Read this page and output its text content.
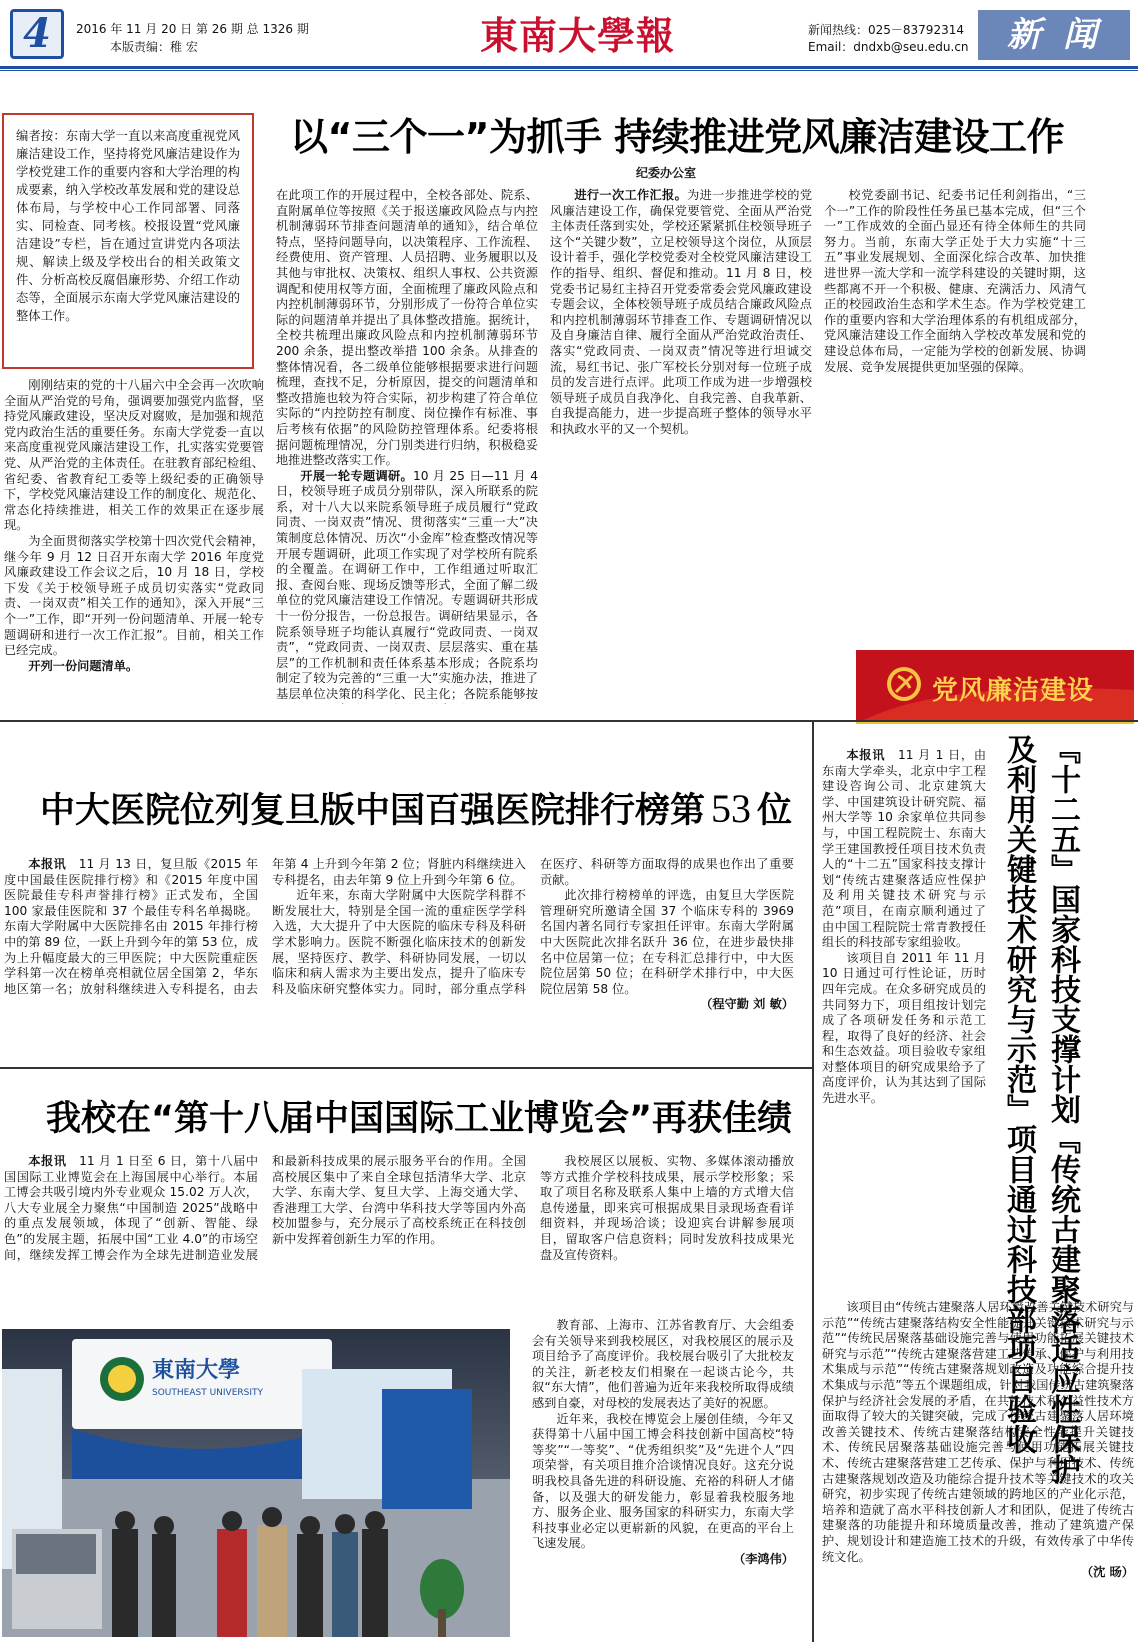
4	2016 年 11 月 20 日 第 26 期 总 1326 期
本版责编：稚 宏	東南大學報	新闻热线：025－83792314
Email：dndxb@seu.edu.cn	新闻
编者按：东南大学一直以来高度重视党风廉洁建设工作，坚持将党风廉洁建设作为学校党建工作的重要内容和大学治理的构成要素，纳入学校改革发展和党的建设总体布局，与学校中心工作同部署、同落实、同检查、同考核。校报设置“党风廉洁建设”专栏，旨在通过宣讲党内各项法规、解读上级及学校出台的相关政策文件、分析高校反腐倡廉形势、介绍工作动态等，全面展示东南大学党风廉洁建设的整体工作。
以“三个一”为抓手 持续推进党风廉洁建设工作
纪委办公室

刚刚结束的党的十八届六中全会再一次吹响全面从严治党的号角，强调要加强党内监督，坚持党风廉政建设，坚决反对腐败，是加强和规范党内政治生活的重要任务。东南大学党委一直以来高度重视党风廉洁建设工作，扎实落实党要管党、从严治党的主体责任。在驻教育部纪检组、省纪委、省教育纪工委等上级纪委的正确领导下，学校党风廉洁建设工作的制度化、规范化、常态化持续推进，相关工作的效果正在逐步展现。

为全面贯彻落实学校第十四次党代会精神，继今年 9 月 12 日召开东南大学 2016 年度党风廉政建设工作会议之后，10 月 18 日，学校下发《关于校领导班子成员切实落实“党政同责、一岗双责”相关工作的通知》，深入开展“三个一”工作，即“开列一份问题清单、开展一轮专题调研和进行一次工作汇报”。目前，相关工作已经完成。

开列一份问题清单。

在此项工作的开展过程中，全校各部处、院系、直附属单位等按照《关于报送廉政风险点与内控机制薄弱环节排查问题清单的通知》，结合单位特点，坚持问题导向，以决策程序、工作流程、经费使用、资产管理、人员招聘、业务履职以及其他与审批权、决策权、组织人事权、公共资源调配和使用权等方面，全面梳理了廉政风险点和内控机制薄弱环节，分别形成了一份符合单位实际的问题清单并提出了具体整改措施。据统计，全校共梳理出廉政风险点和内控机制薄弱环节 200 余条，提出整改举措 100 余条。从排查的整体情况看，各二级单位能够根据要求进行问题梳理，查找不足，分析原因，提交的问题清单和整改措施也较为符合实际，初步构建了符合单位实际的“内控防控有制度、岗位操作有标准、事后考核有依据”的风险防控管理体系。纪委将根据问题梳理情况，分门别类进行归纳，积极稳妥地推进整改落实工作。

开展一轮专题调研。10 月 25 日—11 月 4 日，校领导班子成员分别带队，深入所联系的院系，对十八大以来院系领导班子成员履行“党政同责、一岗双责”情况、贯彻落实“三重一大”决策制度总体情况、历次“小金库”检查整改情况等开展专题调研，此项工作实现了对学校所有院系的全覆盖。在调研工作中，工作组通过听取汇报、查阅台账、现场反馈等形式，全面了解二级单位的党风廉洁建设工作情况。专题调研共形成十一份分报告，一份总报告。调研结果显示，各院系领导班子均能认真履行“党政同责、一岗双责”，“党政同责、一岗双责、层层落实、重在基层”的工作机制和责任体系基本形成；各院系均制定了较为完善的“三重一大”实施办法，推进了基层单位决策的科学化、民主化；各院系能够按

进行一次工作汇报。为进一步推进学校的党风廉洁建设工作，确保党要管党、全面从严治党主体责任落到实处，学校还紧紧抓住校领导班子这个“关键少数”，立足校领导这个岗位，从顶层设计着手，强化学校党委对全校党风廉洁建设工作的指导、组织、督促和推动。11 月 8 日，校党委书记易红主持召开党委常委会党风廉政建设专题会议，全体校领导班子成员结合廉政风险点和内控机制薄弱环节排查工作、专题调研情况以及自身廉洁自律、履行全面从严治党政治责任、落实“党政同责、一岗双责”情况等进行坦诚交流，易红书记、张广军校长分别对每一位班子成员的发言进行点评。此项工作成为进一步增强校领导班子成员自我净化、自我完善、自我革新、自我提高能力，进一步提高班子整体的领导水平和执政水平的又一个契机。

校党委副书记、纪委书记任利剑指出，“三个一”工作的阶段性任务虽已基本完成，但“三个一”工作成效的全面凸显还有待全体师生的共同努力。当前，东南大学正处于大力实施“十三五”事业发展规划、全面深化综合改革、加快推进世界一流大学和一流学科建设的关键时期，这些都离不开一个积极、健康、充满活力、风清气正的校园政治生态和学术生态。作为学校党建工作的重要内容和大学治理体系的有机组成部分，党风廉洁建设工作全面纳入学校改革发展和党的建设总体布局，一定能为学校的创新发展、协调发展、竞争发展提供更加坚强的保障。

党风廉洁建设
中大医院位列复旦版中国百强医院排行榜第 53 位

本报讯　 11 月 13 日，复旦版《2015 年度中国最佳医院排行榜》和《2015 年度中国医院最佳专科声誉排行榜》正式发布，全国 100 家最佳医院和 37 个最佳专科名单揭晓。东南大学附属中大医院排名由 2015 年排行榜中的第 89 位，一跃上升到今年的第 53 位，成为上升幅度最大的三甲医院；中大医院重症医学科第一次在榜单亮相就位居全国第 2，华东地区第一名；放射科继续进入专科提名，由去年第 4 上升到今年第 2 位；肾脏内科继续进入专科提名，由去年第 9 位上升到今年第 6 位。

近年来，东南大学附属中大医院学科群不断发展壮大，特别是全国一流的重症医学学科入选，大大提升了中大医院的临床专科及科研学术影响力。医院不断强化临床技术的创新发展，坚持医疗、教学、科研协同发展，一切以临床和病人需求为主要出发点，提升了临床专科及临床研究整体实力。同时，部分重点学科在医疗、科研等方面取得的成果也作出了重要贡献。

此次排行榜榜单的评选，由复旦大学医院管理研究所邀请全国 37 个临床专科的 3969 名国内著名同行专家担任评审。东南大学附属中大医院此次排名跃升 36 位，在进步最快排名中位居第一位；在专科汇总排行中，中大医院位居第 50 位；在科研学术排行中，中大医院位居第 58 位。

（程守勤 刘 敏）

我校在“第十八届中国国际工业博览会”再获佳绩

本报讯　 11 月 1 日至 6 日，第十八届中国国际工业博览会在上海国展中心举行。本届工博会共吸引境内外专业观众 15.02 万人次，八大专业展全力聚焦“中国制造 2025”战略中的重点发展领域，体现了“创新、智能、绿色”的发展主题，拓展中国“工业 4.0”的市场空间，继续发挥工博会作为全球先进制造业发展和最新科技成果的展示服务平台的作用。全国高校展区集中了来自全球包括清华大学、北京大学、东南大学、复旦大学、上海交通大学、香港理工大学、台湾中华科技大学等国内外高校加盟参与，充分展示了高校系统正在科技创新中发挥着创新生力军的作用。

我校展区以展板、实物、多媒体滚动播放等方式推介学校科技成果，展示学校形象；采取了项目名称及联系人集中上墙的方式增大信息传递量，即来宾可根据成果目录现场查看详细资料，并现场洽谈；设迎宾台讲解参展项目，留取客户信息资料；同时发放科技成果光盘及宣传资料。

教育部、上海市、江苏省教育厅、大会组委会有关领导来到我校展区，对我校展区的展示及项目给予了高度评价。我校展台吸引了大批校友的关注，新老校友们相聚在一起谈古论今，共叙“东大情”，他们普遍为近年来我校所取得成绩感到自豪，对母校的发展表达了美好的祝愿。

近年来，我校在博览会上屡创佳绩，今年又获得第十八届中国工博会科技创新中国高校“特等奖”“一等奖”、“优秀组织奖”及“先进个人”四项荣誉，有关项目推介洽谈情况良好。这充分说明我校具备先进的科研设施、充裕的科研人才储备，以及强大的研发能力，彰显着我校服务地方、服务企业、服务国家的科研实力，东南大学科技事业必定以更崭新的风貌，在更高的平台上飞速发展。

（李鸿伟）

東南大學
SOUTHEAST UNIVERSITY	『十二五』国家科技支撑计划『传统古建聚落适应性保护
及利用关键技术研究与示范』项目通过科技部项目验收

本报讯　 11 月 1 日，由东南大学牵头，北京中宇工程建设咨询公司、北京建筑大学、中国建筑设计研究院、福州大学等 10 余家单位共同参与，中国工程院院士、东南大学王建国教授任项目技术负责人的“十二五”国家科技支撑计划“传统古建聚落适应性保护及利用关键技术研究与示范”项目，在南京顺利通过了由中国工程院院士常青教授任组长的科技部专家组验收。

该项目自 2011 年 11 月 10 日通过可行性论证，历时四年完成。在众多研究成员的共同努力下，项目组按计划完成了各项研发任务和示范工程，取得了良好的经济、社会和生态效益。项目验收专家组对整体项目的研究成果给予了高度评价，认为其达到了国际先进水平。

该项目由“传统古建聚落人居环境改善关键技术研究与示范”“传统古建聚落结构安全性能提升关键技术研究与示范”“传统民居聚落基础设施完善与使用功能拓展关键技术研究与示范”“传统古建聚落营建工艺传承、保护与利用技术集成与示范”“传统古建聚落规划改造及功能综合提升技术集成与示范”等五个课题组成，针对我国传统古建筑聚落保护与经济社会发展的矛盾，在共性技术和公益性技术方面取得了较大的关键突破，完成了传统古建聚落人居环境改善关键技术、传统古建聚落结构安全性能提升关键技术、传统民居聚落基础设施完善与使用功能拓展关键技术、传统古建聚落营建工艺传承、保护与利用技术、传统古建聚落规划改造及功能综合提升技术等关键技术的攻关研究，初步实现了传统古建领域的跨地区的产业化示范，培养和造就了高水平科技创新人才和团队，促进了传统古建聚落的功能提升和环境质量改善，推动了建筑遗产保护、规划设计和建造施工技术的升级，有效传承了中华传统文化。

（沈 旸）
